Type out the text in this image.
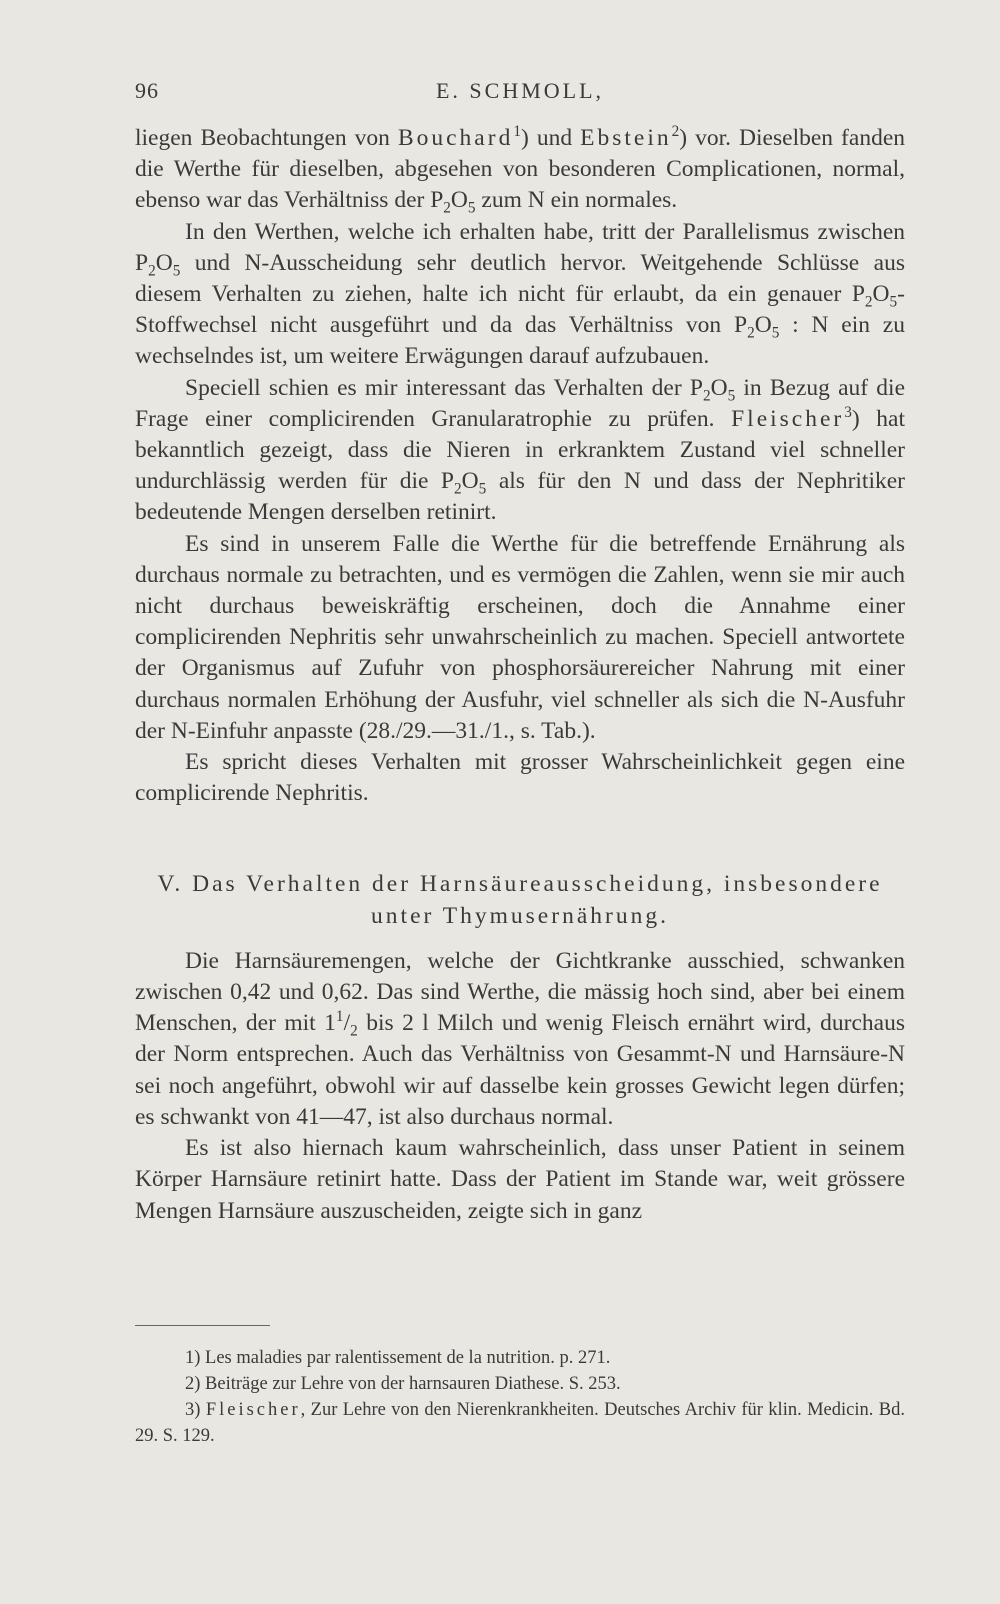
96	E. SCHMOLL,

liegen Beobachtungen von Bouchard$^1$) und Ebstein$^2$) vor. Dieselben fanden die Werthe für dieselben, abgesehen von besonderen Complicationen, normal, ebenso war das Verhältniss der $P_2O_5$ zum N ein normales.

In den Werthen, welche ich erhalten habe, tritt der Parallelismus zwischen $P_2O_5$ und N-Ausscheidung sehr deutlich hervor. Weitgehende Schlüsse aus diesem Verhalten zu ziehen, halte ich nicht für erlaubt, da ein genauer $P_2O_5$-Stoffwechsel nicht ausgeführt und da das Verhältniss von $P_2O_5$ : N ein zu wechselndes ist, um weitere Erwägungen darauf aufzubauen.

Speciell schien es mir interessant das Verhalten der $P_2O_5$ in Bezug auf die Frage einer complicirenden Granularatrophie zu prüfen. Fleischer$^3$) hat bekanntlich gezeigt, dass die Nieren in erkranktem Zustand viel schneller undurchlässig werden für die $P_2O_5$ als für den N und dass der Nephritiker bedeutende Mengen derselben retinirt.

Es sind in unserem Falle die Werthe für die betreffende Ernährung als durchaus normale zu betrachten, und es vermögen die Zahlen, wenn sie mir auch nicht durchaus beweiskräftig erscheinen, doch die Annahme einer complicirenden Nephritis sehr unwahrscheinlich zu machen. Speciell antwortete der Organismus auf Zufuhr von phosphorsäurereicher Nahrung mit einer durchaus normalen Erhöhung der Ausfuhr, viel schneller als sich die N-Ausfuhr der N-Einfuhr anpasste (28./29.—31./1., s. Tab.).

Es spricht dieses Verhalten mit grosser Wahrscheinlichkeit gegen eine complicirende Nephritis.

V. Das Verhalten der Harnsäureausscheidung, insbesondere
unter Thymusernährung.

Die Harnsäuremengen, welche der Gichtkranke ausschied, schwanken zwischen 0,42 und 0,62. Das sind Werthe, die mässig hoch sind, aber bei einem Menschen, der mit $1^1/_2$ bis 2 l Milch und wenig Fleisch ernährt wird, durchaus der Norm entsprechen. Auch das Verhältniss von Gesammt-N und Harnsäure-N sei noch angeführt, obwohl wir auf dasselbe kein grosses Gewicht legen dürfen; es schwankt von 41—47, ist also durchaus normal.

Es ist also hiernach kaum wahrscheinlich, dass unser Patient in seinem Körper Harnsäure retinirt hatte. Dass der Patient im Stande war, weit grössere Mengen Harnsäure auszuscheiden, zeigte sich in ganz

1) Les maladies par ralentissement de la nutrition. p. 271.

2) Beiträge zur Lehre von der harnsauren Diathese. S. 253.

3) Fleischer, Zur Lehre von den Nierenkrankheiten. Deutsches Archiv für klin. Medicin. Bd. 29. S. 129.
